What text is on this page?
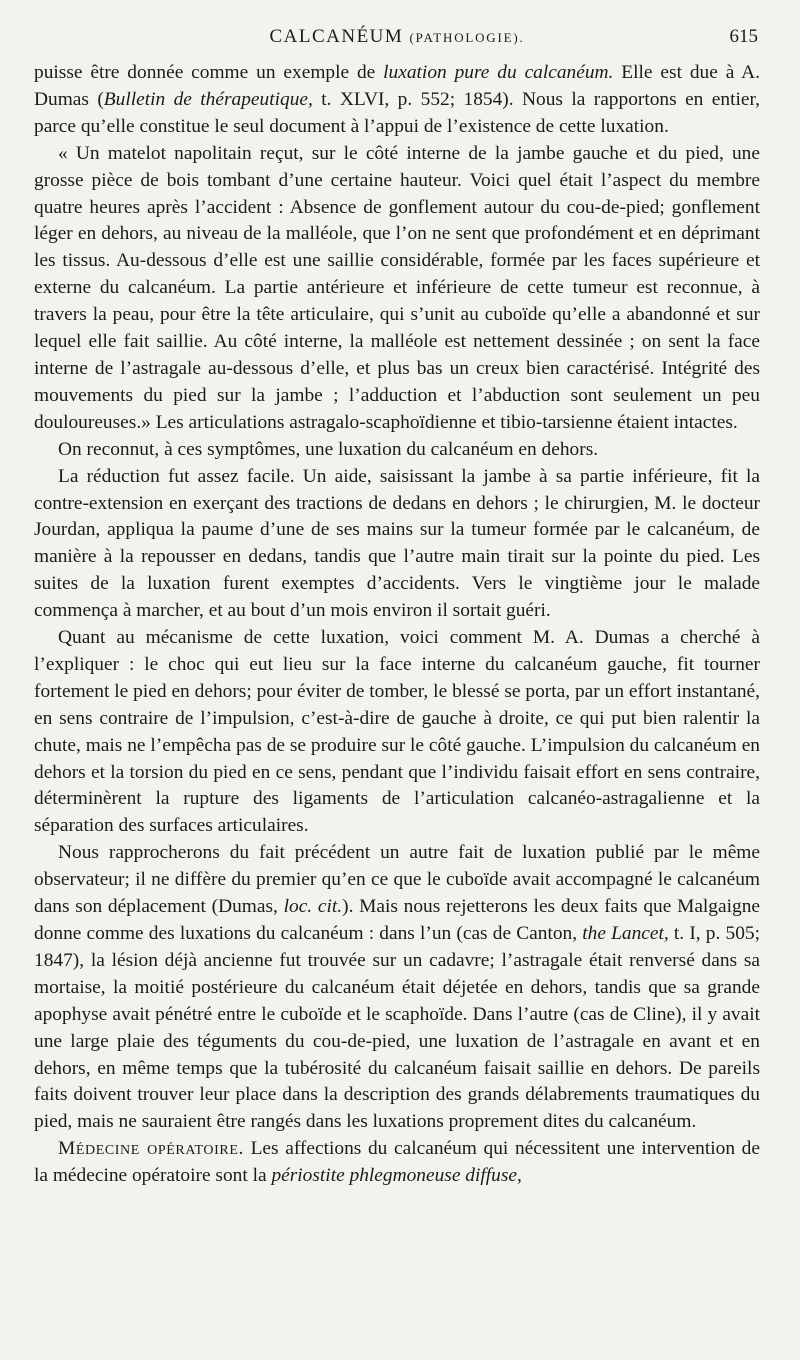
CALCANÉUM (PATHOLOGIE).	615

puisse être donnée comme un exemple de luxation pure du calcanéum. Elle est due à A. Dumas (Bulletin de thérapeutique, t. XLVI, p. 552; 1854). Nous la rapportons en entier, parce qu’elle constitue le seul document à l’appui de l’existence de cette luxation.

« Un matelot napolitain reçut, sur le côté interne de la jambe gauche et du pied, une grosse pièce de bois tombant d’une certaine hauteur. Voici quel était l’aspect du membre quatre heures après l’accident : Absence de gonflement autour du cou-de-pied; gonflement léger en dehors, au niveau de la malléole, que l’on ne sent que profondément et en déprimant les tissus. Au-dessous d’elle est une saillie considérable, formée par les faces supérieure et externe du calcanéum. La partie antérieure et inférieure de cette tumeur est reconnue, à travers la peau, pour être la tête articulaire, qui s’unit au cuboïde qu’elle a abandonné et sur lequel elle fait saillie. Au côté interne, la malléole est nettement dessinée ; on sent la face interne de l’astragale au-dessous d’elle, et plus bas un creux bien caractérisé. Intégrité des mouvements du pied sur la jambe ; l’adduction et l’abduction sont seulement un peu douloureuses.» Les articulations astragalo-scaphoïdienne et tibio-tarsienne étaient intactes.

On reconnut, à ces symptômes, une luxation du calcanéum en dehors.

La réduction fut assez facile. Un aide, saisissant la jambe à sa partie inférieure, fit la contre-extension en exerçant des tractions de dedans en dehors ; le chirurgien, M. le docteur Jourdan, appliqua la paume d’une de ses mains sur la tumeur formée par le calcanéum, de manière à la repousser en dedans, tandis que l’autre main tirait sur la pointe du pied. Les suites de la luxation furent exemptes d’accidents. Vers le vingtième jour le malade commença à marcher, et au bout d’un mois environ il sortait guéri.

Quant au mécanisme de cette luxation, voici comment M. A. Dumas a cherché à l’expliquer : le choc qui eut lieu sur la face interne du calcanéum gauche, fit tourner fortement le pied en dehors; pour éviter de tomber, le blessé se porta, par un effort instantané, en sens contraire de l’impulsion, c’est-à-dire de gauche à droite, ce qui put bien ralentir la chute, mais ne l’empêcha pas de se produire sur le côté gauche. L’impulsion du calcanéum en dehors et la torsion du pied en ce sens, pendant que l’individu faisait effort en sens contraire, déterminèrent la rupture des ligaments de l’articulation calcanéo-astragalienne et la séparation des surfaces articulaires.

Nous rapprocherons du fait précédent un autre fait de luxation publié par le même observateur; il ne diffère du premier qu’en ce que le cuboïde avait accompagné le calcanéum dans son déplacement (Dumas, loc. cit.). Mais nous rejetterons les deux faits que Malgaigne donne comme des luxations du calcanéum : dans l’un (cas de Canton, the Lancet, t. I, p. 505; 1847), la lésion déjà ancienne fut trouvée sur un cadavre; l’astragale était renversé dans sa mortaise, la moitié postérieure du calcanéum était déjetée en dehors, tandis que sa grande apophyse avait pénétré entre le cuboïde et le scaphoïde. Dans l’autre (cas de Cline), il y avait une large plaie des téguments du cou-de-pied, une luxation de l’astragale en avant et en dehors, en même temps que la tubérosité du calcanéum faisait saillie en dehors. De pareils faits doivent trouver leur place dans la description des grands délabrements traumatiques du pied, mais ne sauraient être rangés dans les luxations proprement dites du calcanéum.

Médecine opératoire. Les affections du calcanéum qui nécessitent une intervention de la médecine opératoire sont la périostite phlegmoneuse diffuse,
